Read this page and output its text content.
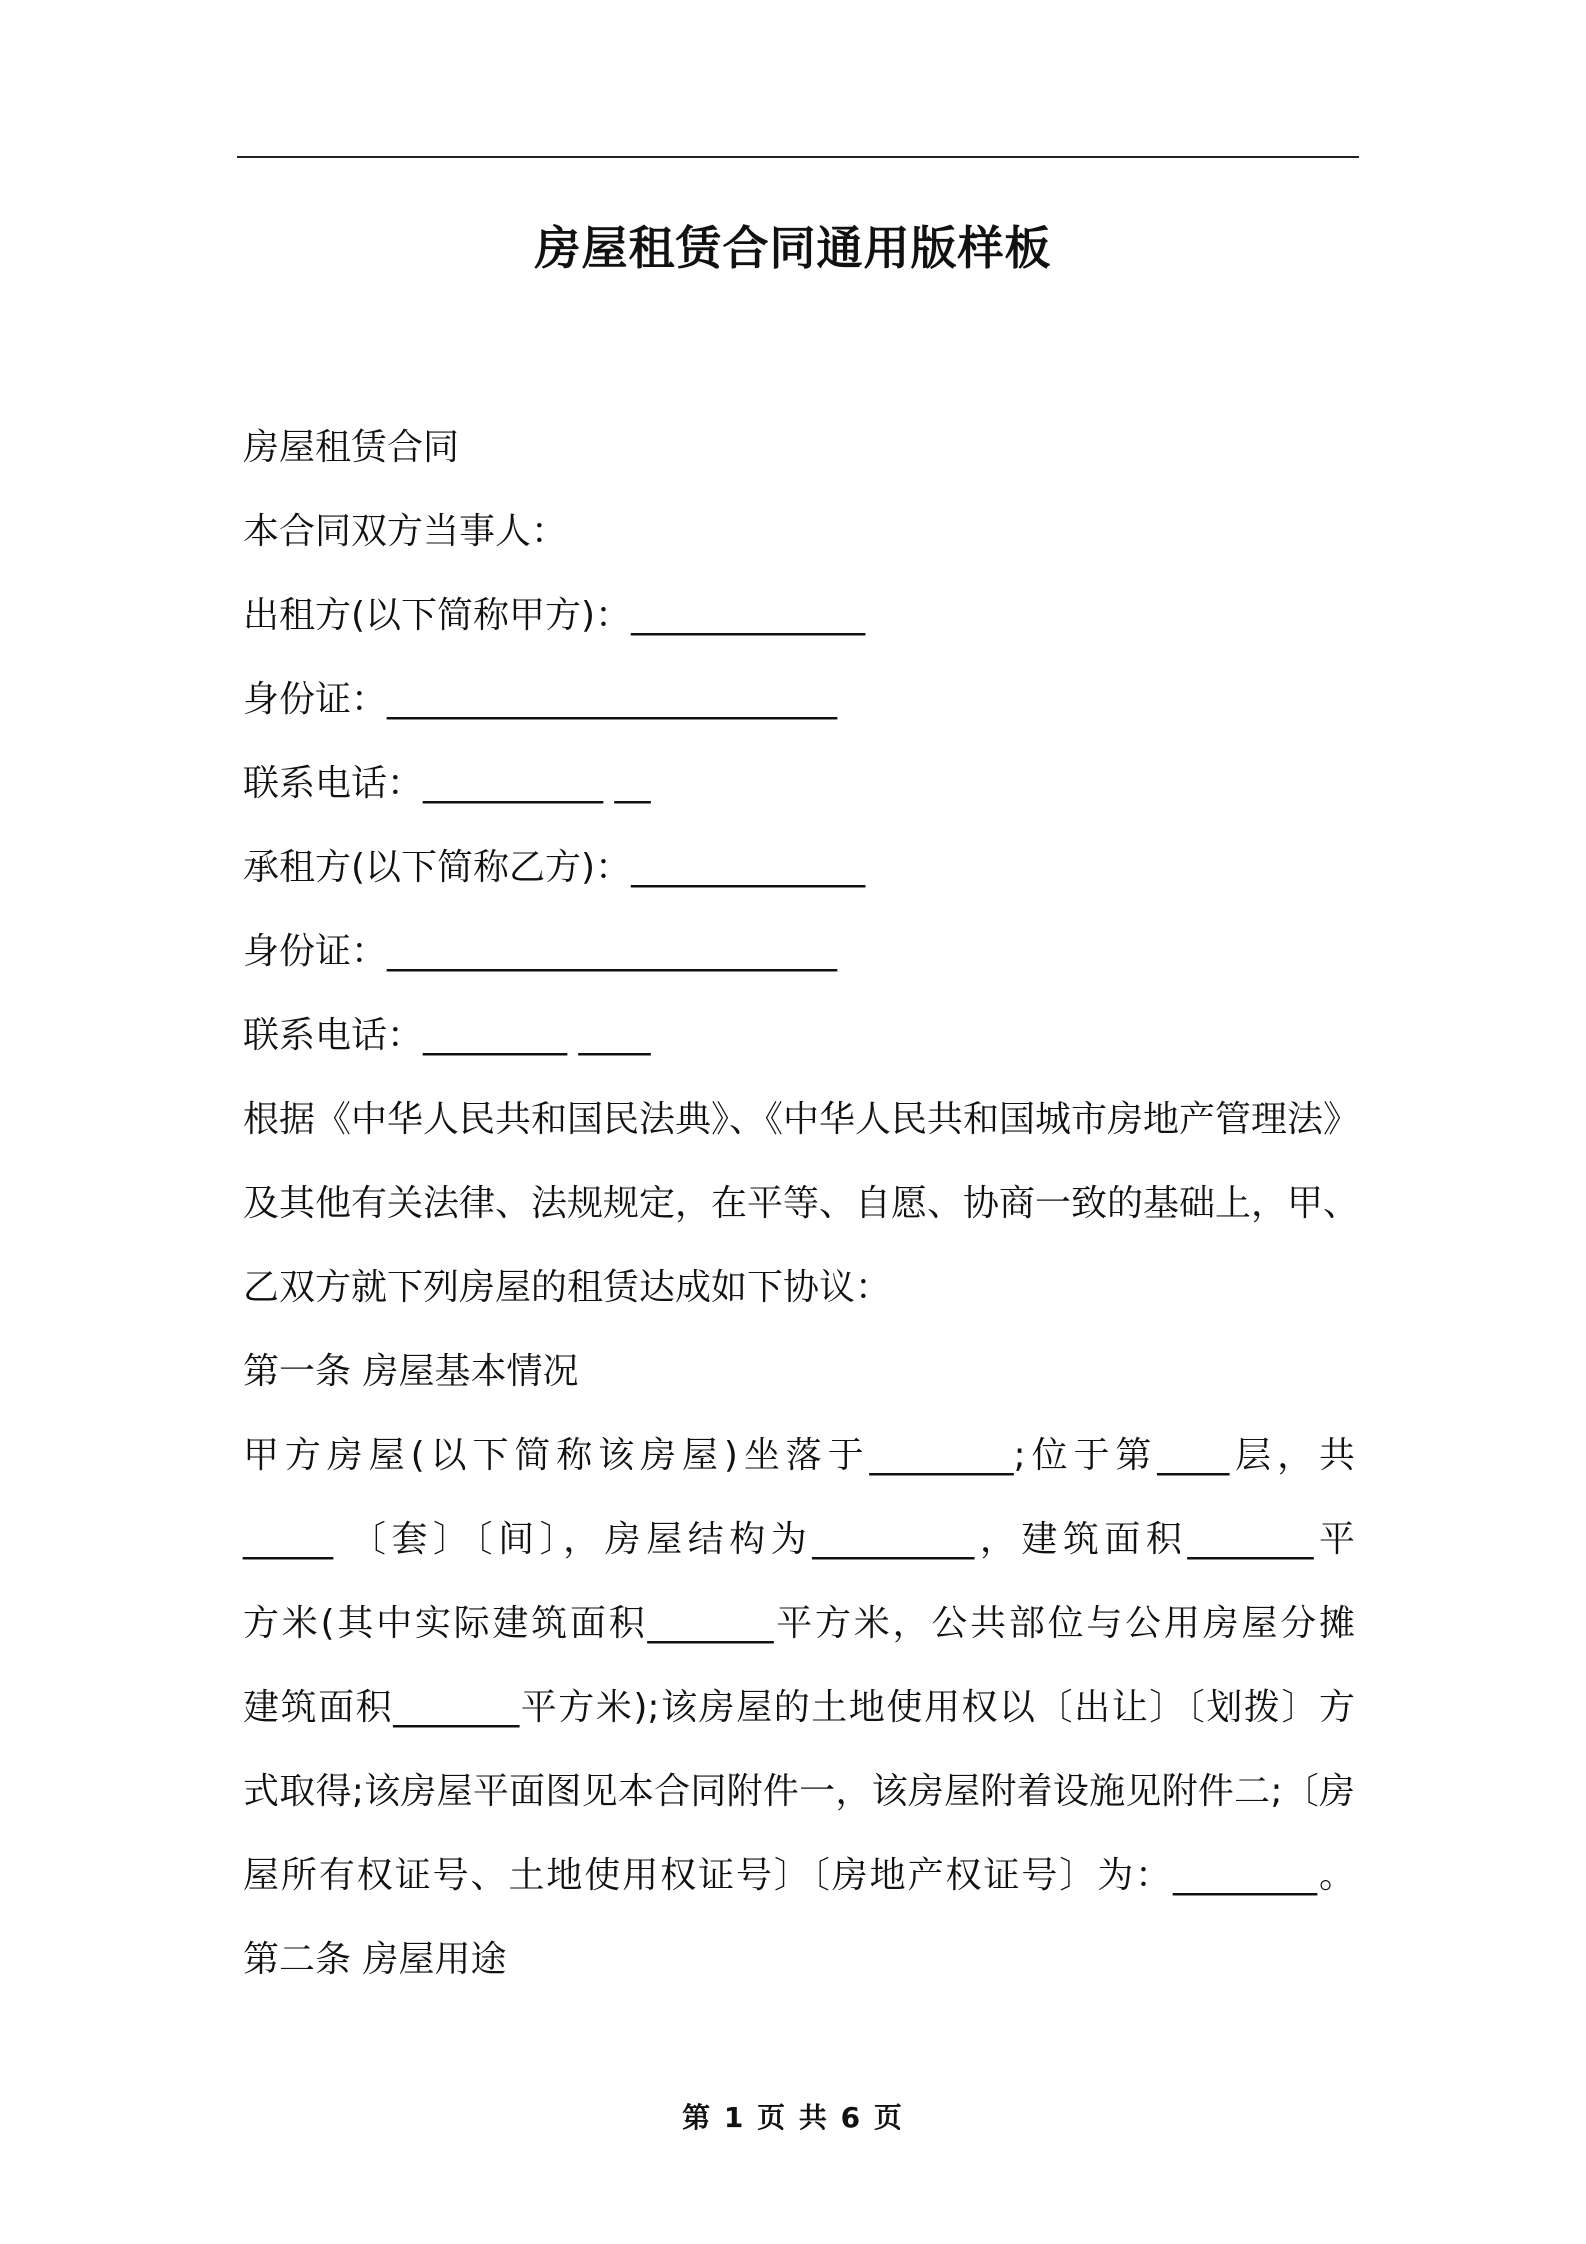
房屋租赁合同通用版样板
房屋租赁合同
本合同双方当事人：
出租方(以下简称甲方)：_____________
身份证：_________________________
联系电话：__________ __
承租方(以下简称乙方)：_____________
身份证：_________________________
联系电话：________ ____
根据《中华人民共和国民法典》、《中华人民共和国城市房地产管理法》
及其他有关法律、法规规定，在平等、自愿、协商一致的基础上，甲、
乙双方就下列房屋的租赁达成如下协议：
第一条 房屋基本情况
甲方房屋(以下简称该房屋)坐落于________;位于第____层，共
_____ 〔套〕〔间〕，房屋结构为_________，建筑面积_______平
方米(其中实际建筑面积_______平方米，公共部位与公用房屋分摊
建筑面积_______平方米);该房屋的土地使用权以〔出让〕〔划拨〕方
式取得;该房屋平面图见本合同附件一，该房屋附着设施见附件二;〔房
屋所有权证号、土地使用权证号〕〔房地产权证号〕为：________。
第二条 房屋用途
第 1 页 共 6 页
